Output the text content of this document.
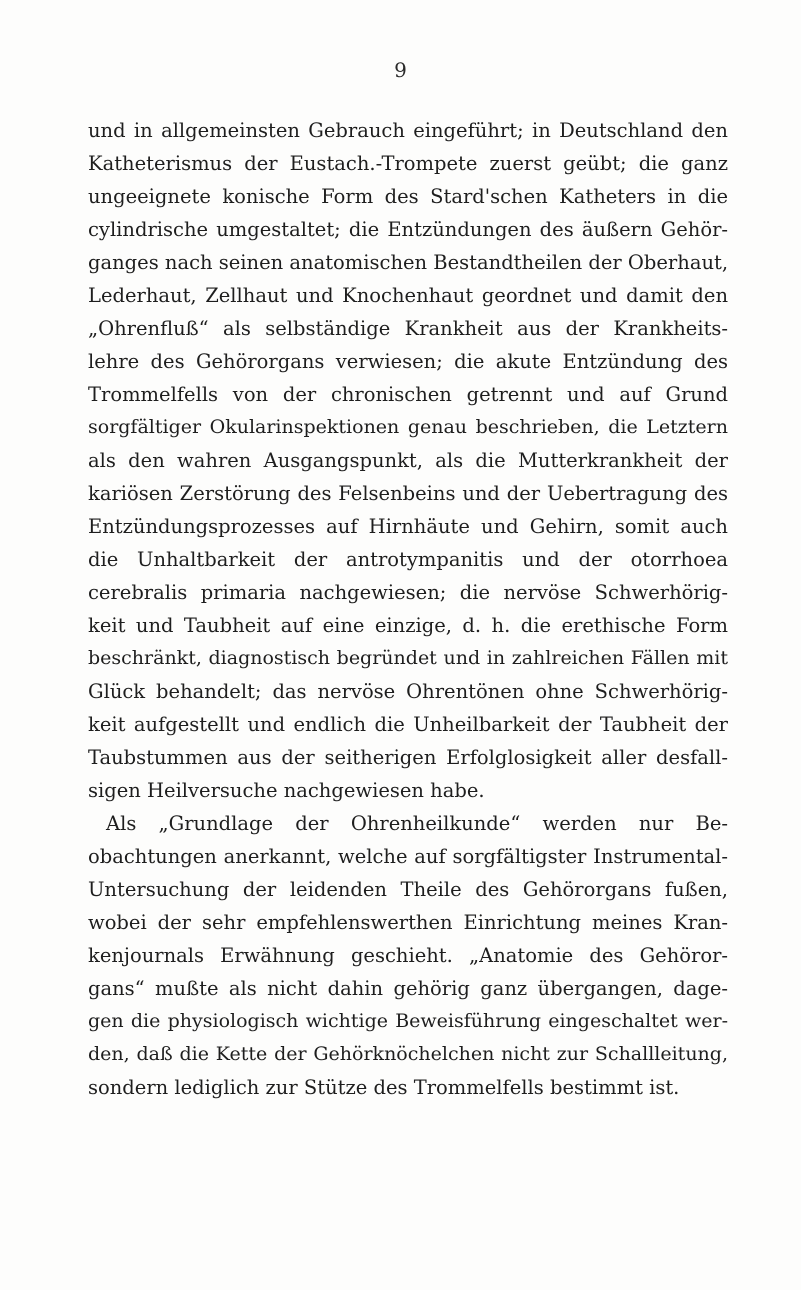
9
und in allgemeinsten Gebrauch eingeführt; in Deutschland den
Katheterismus der Eustach.-Trompete zuerst geübt; die ganz
ungeeignete konische Form des Stard'schen Katheters in die
cylindrische umgestaltet; die Entzündungen des äußern Gehör-
ganges nach seinen anatomischen Bestandtheilen der Oberhaut,
Lederhaut, Zellhaut und Knochenhaut geordnet und damit den
„Ohrenfluß“ als selbständige Krankheit aus der Krankheits-
lehre des Gehörorgans verwiesen; die akute Entzündung des
Trommelfells von der chronischen getrennt und auf Grund
sorgfältiger Okularinspektionen genau beschrieben, die Letztern
als den wahren Ausgangspunkt, als die Mutterkrankheit der
kariösen Zerstörung des Felsenbeins und der Uebertragung des
Entzündungsprozesses auf Hirnhäute und Gehirn, somit auch
die Unhaltbarkeit der antrotympanitis und der otorrhoea
cerebralis primaria nachgewiesen; die nervöse Schwerhörig-
keit und Taubheit auf eine einzige, d. h. die erethische Form
beschränkt, diagnostisch begründet und in zahlreichen Fällen mit
Glück behandelt; das nervöse Ohrentönen ohne Schwerhörig-
keit aufgestellt und endlich die Unheilbarkeit der Taubheit der
Taubstummen aus der seitherigen Erfolglosigkeit aller desfall-
sigen Heilversuche nachgewiesen habe.
Als „Grundlage der Ohrenheilkunde“ werden nur Be-
obachtungen anerkannt, welche auf sorgfältigster Instrumental-
Untersuchung der leidenden Theile des Gehörorgans fußen,
wobei der sehr empfehlenswerthen Einrichtung meines Kran-
kenjournals Erwähnung geschieht. „Anatomie des Gehöror-
gans“ mußte als nicht dahin gehörig ganz übergangen, dage-
gen die physiologisch wichtige Beweisführung eingeschaltet wer-
den, daß die Kette der Gehörknöchelchen nicht zur Schallleitung,
sondern lediglich zur Stütze des Trommelfells bestimmt ist.
